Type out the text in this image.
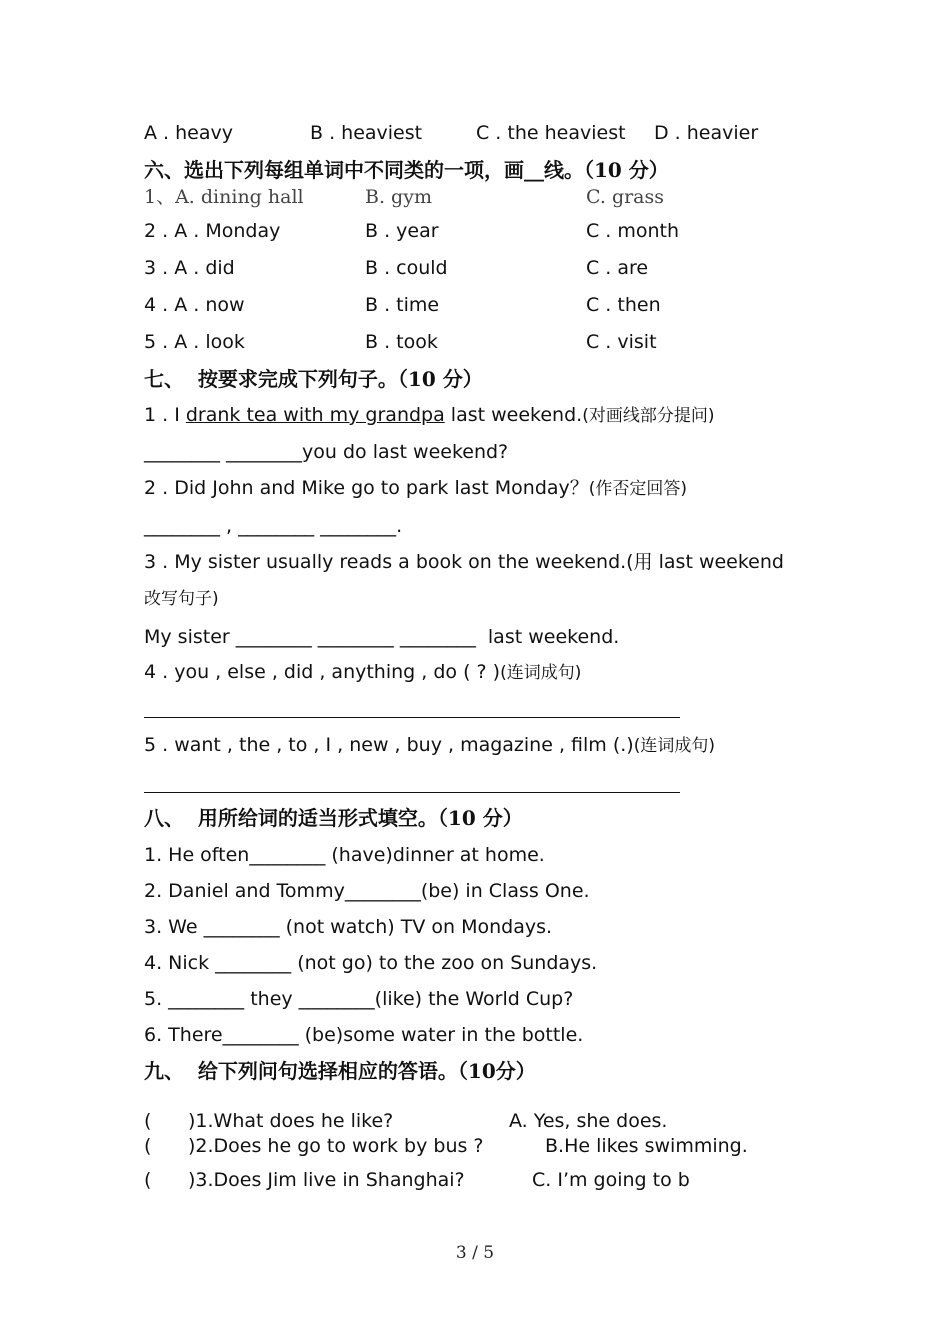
A . heavy	B . heaviest	C . the heaviest D . heavier
六、选出下列每组单词中不同类的一项，画__线。（10 分）
1、A. dining hall	B. gym	C. grass
2 . A . Monday	B . year	C . month
3 . A . did	B . could	C . are
4 . A . now	B . time	C . then
5 . A . look	B . took	C . visit
七、  按要求完成下列句子。（10 分）
1 . I drank tea with my grandpa last weekend.(对画线部分提问)
________ ________you do last weekend?
2 . Did John and Mike go to park last Monday？(作否定回答)
________ , ________ ________.
3 . My sister usually reads a book on the weekend.(用 last weekend
改写句子)
My sister ________ ________ ________  last weekend.
4 . you , else , did , anything , do ( ? )(连词成句)
5 . want , the , to , I , new , buy , magazine , film (.)(连词成句)
八、  用所给词的适当形式填空。（10 分）
1. He often________ (have)dinner at home.
2. Daniel and Tommy________(be) in Class One.
3. We ________ (not watch) TV on Mondays.
4. Nick ________ (not go) to the zoo on Sundays.
5. ________ they ________(like) the World Cup?
6. There________ (be)some water in the bottle.
九、  给下列问句选择相应的答语。（10分）
( )1.What does he like?	A. Yes, she does.
( )2.Does he go to work by bus ?	B.He likes swimming.
( )3.Does Jim live in Shanghai?	C. I’m going to b
3 / 5
